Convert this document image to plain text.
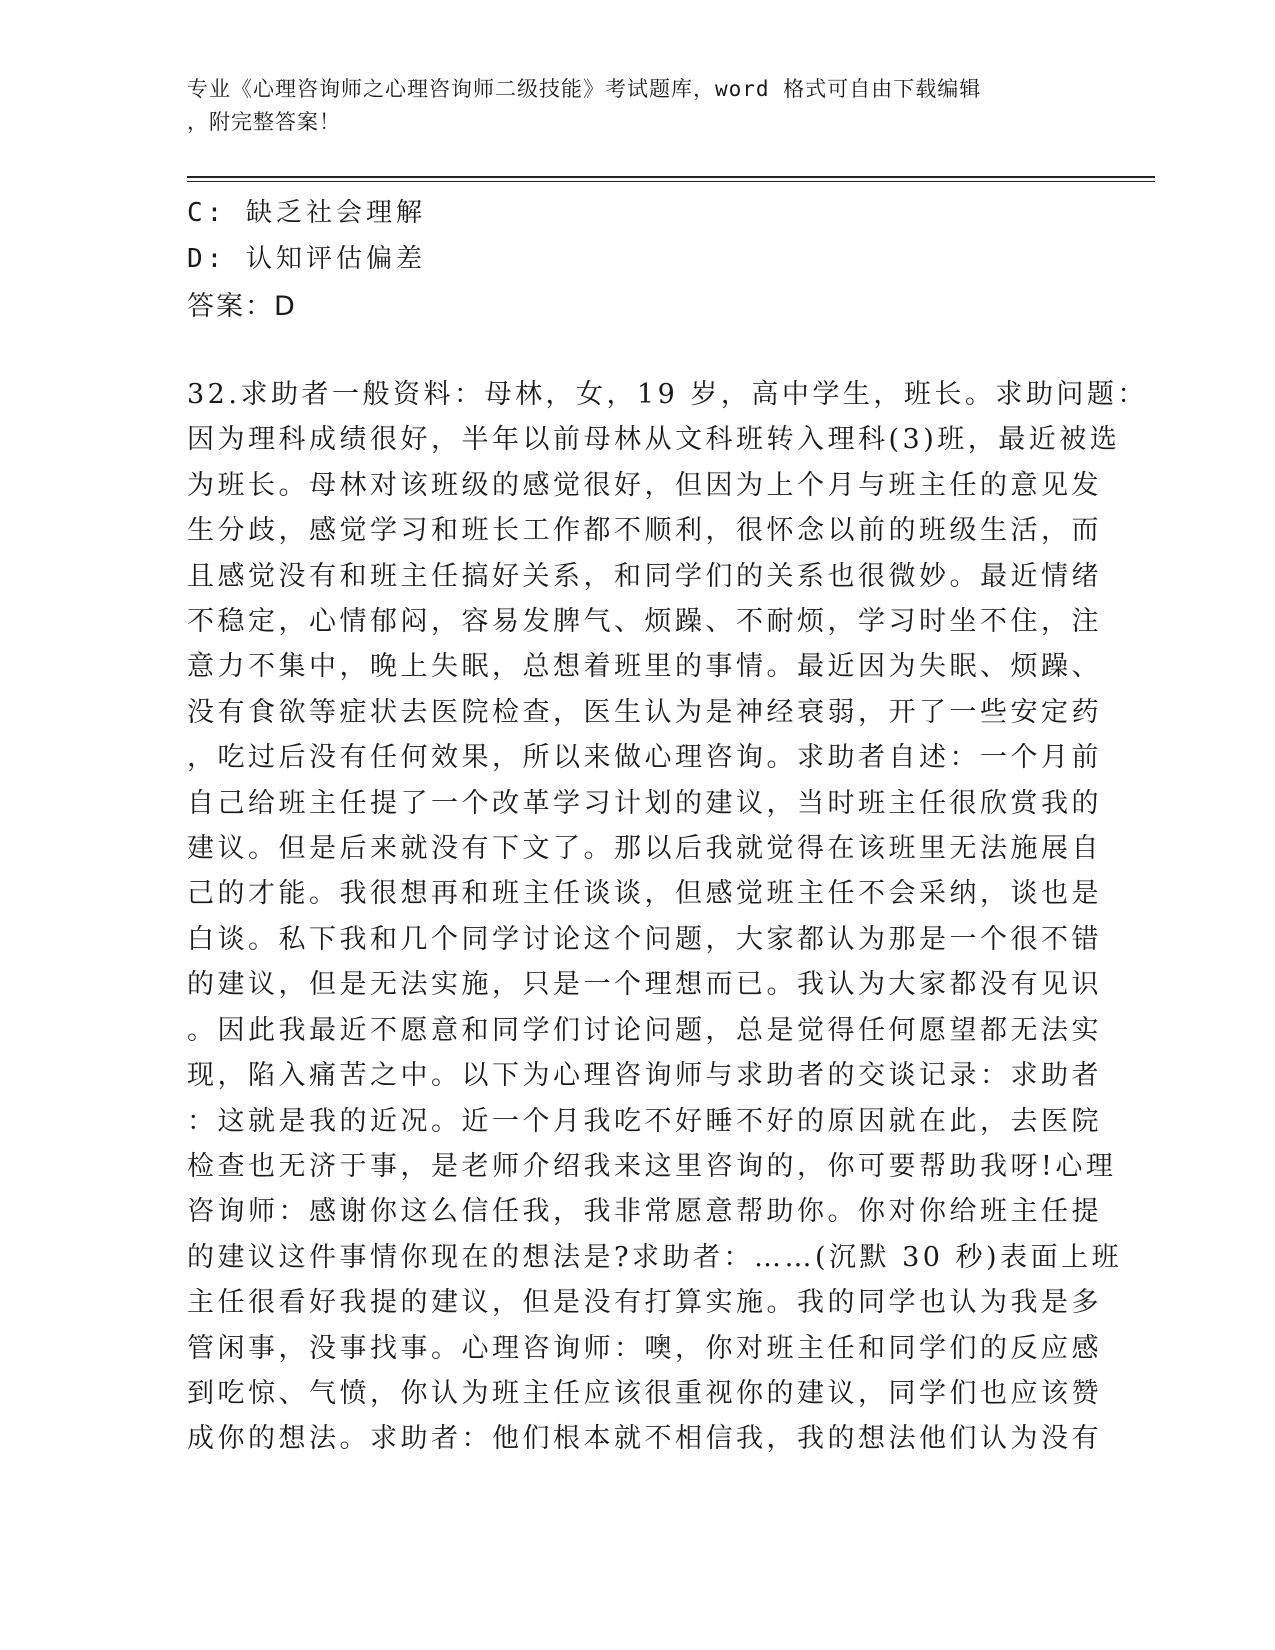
专业《心理咨询师之心理咨询师二级技能》考试题库，word 格式可自由下载编辑
，附完整答案！
C: 缺乏社会理解
D: 认知评估偏差
答案：D
32.求助者一般资料：母林，女，19 岁，高中学生，班长。求助问题：
因为理科成绩很好，半年以前母林从文科班转入理科(3)班，最近被选
为班长。母林对该班级的感觉很好，但因为上个月与班主任的意见发
生分歧，感觉学习和班长工作都不顺利，很怀念以前的班级生活，而
且感觉没有和班主任搞好关系，和同学们的关系也很微妙。最近情绪
不稳定，心情郁闷，容易发脾气、烦躁、不耐烦，学习时坐不住，注
意力不集中，晚上失眠，总想着班里的事情。最近因为失眠、烦躁、
没有食欲等症状去医院检查，医生认为是神经衰弱，开了一些安定药
，吃过后没有任何效果，所以来做心理咨询。求助者自述：一个月前
自己给班主任提了一个改革学习计划的建议，当时班主任很欣赏我的
建议。但是后来就没有下文了。那以后我就觉得在该班里无法施展自
己的才能。我很想再和班主任谈谈，但感觉班主任不会采纳，谈也是
白谈。私下我和几个同学讨论这个问题，大家都认为那是一个很不错
的建议，但是无法实施，只是一个理想而已。我认为大家都没有见识
。因此我最近不愿意和同学们讨论问题，总是觉得任何愿望都无法实
现，陷入痛苦之中。以下为心理咨询师与求助者的交谈记录：求助者
：这就是我的近况。近一个月我吃不好睡不好的原因就在此，去医院
检查也无济于事，是老师介绍我来这里咨询的，你可要帮助我呀!心理
咨询师：感谢你这么信任我，我非常愿意帮助你。你对你给班主任提
的建议这件事情你现在的想法是?求助者：……(沉默 30 秒)表面上班
主任很看好我提的建议，但是没有打算实施。我的同学也认为我是多
管闲事，没事找事。心理咨询师：噢，你对班主任和同学们的反应感
到吃惊、气愤，你认为班主任应该很重视你的建议，同学们也应该赞
成你的想法。求助者：他们根本就不相信我，我的想法他们认为没有
